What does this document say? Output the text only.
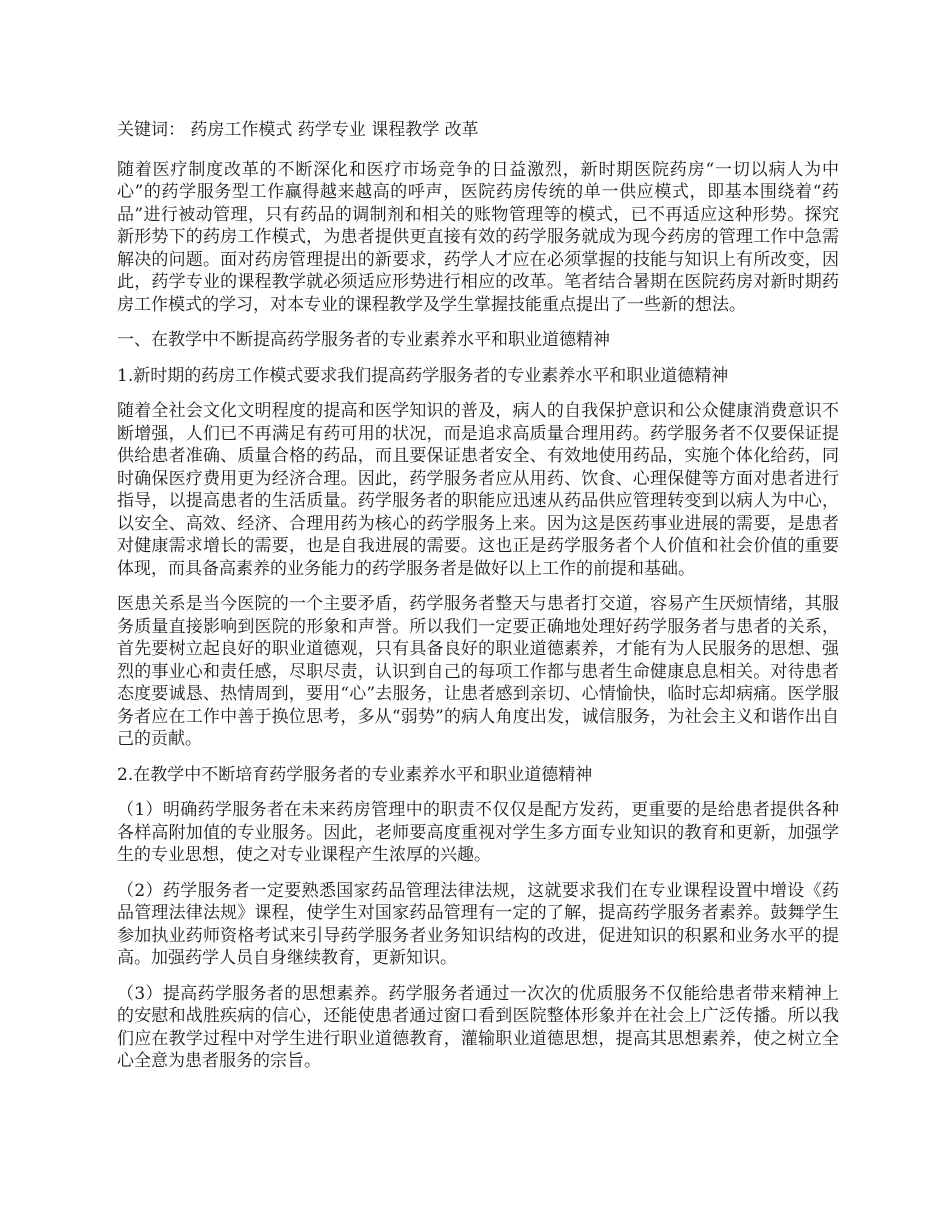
关键词： 药房工作模式 药学专业 课程教学 改革

随着医疗制度改革的不断深化和医疗市场竞争的日益激烈，新时期医院药房“一切以病人为中心”的药学服务型工作赢得越来越高的呼声，医院药房传统的单一供应模式，即基本围绕着“药品”进行被动管理，只有药品的调制剂和相关的账物管理等的模式，已不再适应这种形势。探究新形势下的药房工作模式，为患者提供更直接有效的药学服务就成为现今药房的管理工作中急需解决的问题。面对药房管理提出的新要求，药学人才应在必须掌握的技能与知识上有所改变，因此，药学专业的课程教学就必须适应形势进行相应的改革。笔者结合暑期在医院药房对新时期药房工作模式的学习，对本专业的课程教学及学生掌握技能重点提出了一些新的想法。

一、在教学中不断提高药学服务者的专业素养水平和职业道德精神

1.新时期的药房工作模式要求我们提高药学服务者的专业素养水平和职业道德精神

随着全社会文化文明程度的提高和医学知识的普及，病人的自我保护意识和公众健康消费意识不断增强，人们已不再满足有药可用的状况，而是追求高质量合理用药。药学服务者不仅要保证提供给患者准确、质量合格的药品，而且要保证患者安全、有效地使用药品，实施个体化给药，同时确保医疗费用更为经济合理。因此，药学服务者应从用药、饮食、心理保健等方面对患者进行指导，以提高患者的生活质量。药学服务者的职能应迅速从药品供应管理转变到以病人为中心，以安全、高效、经济、合理用药为核心的药学服务上来。因为这是医药事业进展的需要，是患者对健康需求增长的需要，也是自我进展的需要。这也正是药学服务者个人价值和社会价值的重要体现，而具备高素养的业务能力的药学服务者是做好以上工作的前提和基础。

医患关系是当今医院的一个主要矛盾，药学服务者整天与患者打交道，容易产生厌烦情绪，其服务质量直接影响到医院的形象和声誉。所以我们一定要正确地处理好药学服务者与患者的关系，首先要树立起良好的职业道德观，只有具备良好的职业道德素养，才能有为人民服务的思想、强烈的事业心和责任感，尽职尽责，认识到自己的每项工作都与患者生命健康息息相关。对待患者态度要诚恳、热情周到，要用“心”去服务，让患者感到亲切、心情愉快，临时忘却病痛。医学服务者应在工作中善于换位思考，多从“弱势”的病人角度出发，诚信服务，为社会主义和谐作出自己的贡献。

2.在教学中不断培育药学服务者的专业素养水平和职业道德精神

（1）明确药学服务者在未来药房管理中的职责不仅仅是配方发药，更重要的是给患者提供各种各样高附加值的专业服务。因此，老师要高度重视对学生多方面专业知识的教育和更新，加强学生的专业思想，使之对专业课程产生浓厚的兴趣。

（2）药学服务者一定要熟悉国家药品管理法律法规，这就要求我们在专业课程设置中增设《药品管理法律法规》课程，使学生对国家药品管理有一定的了解，提高药学服务者素养。鼓舞学生参加执业药师资格考试来引导药学服务者业务知识结构的改进，促进知识的积累和业务水平的提高。加强药学人员自身继续教育，更新知识。

（3）提高药学服务者的思想素养。药学服务者通过一次次的优质服务不仅能给患者带来精神上的安慰和战胜疾病的信心，还能使患者通过窗口看到医院整体形象并在社会上广泛传播。所以我们应在教学过程中对学生进行职业道德教育，灌输职业道德思想，提高其思想素养，使之树立全心全意为患者服务的宗旨。
